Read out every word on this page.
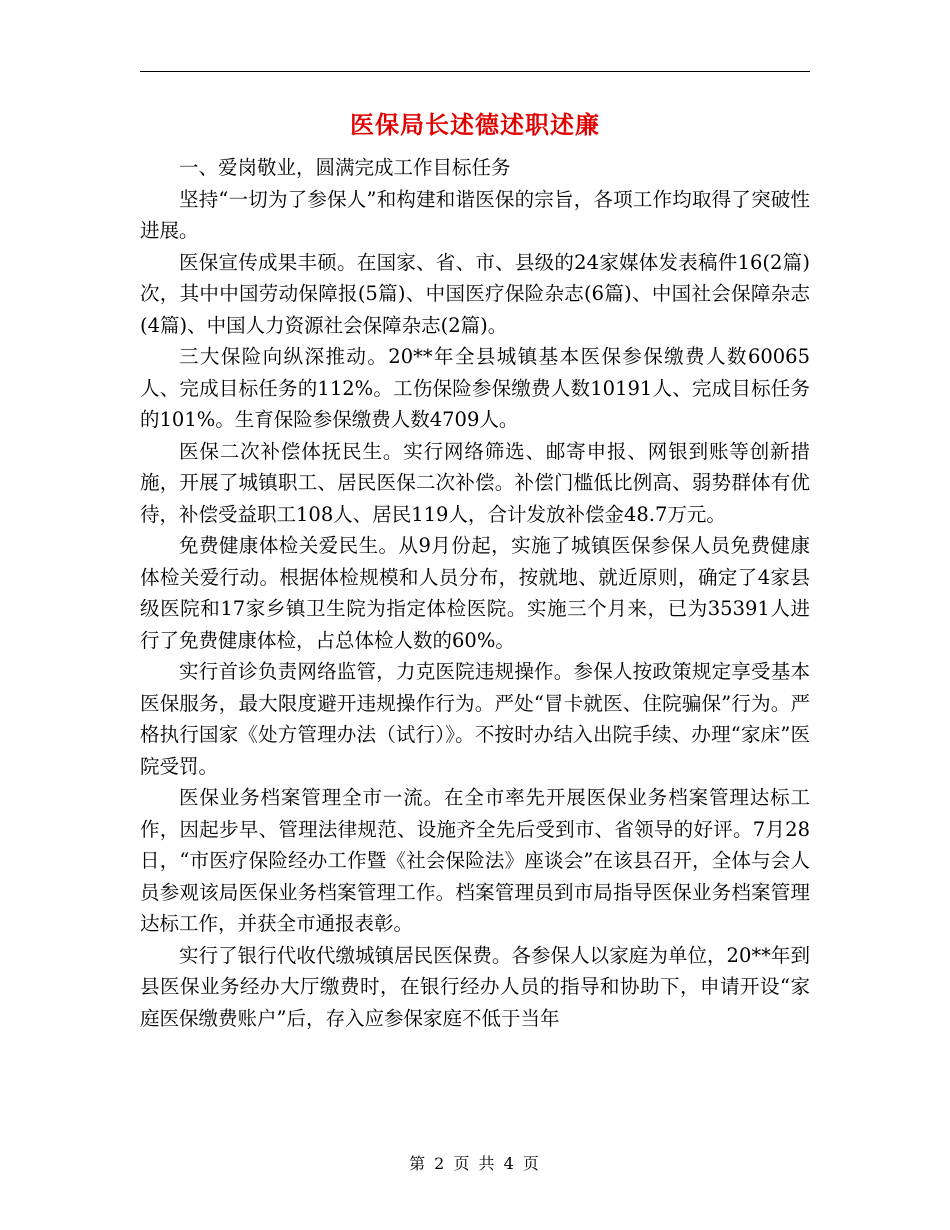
医保局长述德述职述廉

一、爱岗敬业，圆满完成工作目标任务

坚持“一切为了参保人”和构建和谐医保的宗旨，各项工作均取得了突破性进展。

医保宣传成果丰硕。在国家、省、市、县级的24家媒体发表稿件16(2篇)次，其中中国劳动保障报(5篇)、中国医疗保险杂志(6篇)、中国社会保障杂志(4篇)、中国人力资源社会保障杂志(2篇)。

三大保险向纵深推动。20**年全县城镇基本医保参保缴费人数60065人、完成目标任务的112%。工伤保险参保缴费人数10191人、完成目标任务的101%。生育保险参保缴费人数4709人。

医保二次补偿体抚民生。实行网络筛选、邮寄申报、网银到账等创新措施，开展了城镇职工、居民医保二次补偿。补偿门槛低比例高、弱势群体有优待，补偿受益职工108人、居民119人，合计发放补偿金48.7万元。

免费健康体检关爱民生。从9月份起，实施了城镇医保参保人员免费健康体检关爱行动。根据体检规模和人员分布，按就地、就近原则，确定了4家县级医院和17家乡镇卫生院为指定体检医院。实施三个月来，已为35391人进行了免费健康体检，占总体检人数的60%。

实行首诊负责网络监管，力克医院违规操作。参保人按政策规定享受基本医保服务，最大限度避开违规操作行为。严处“冒卡就医、住院骗保”行为。严格执行国家《处方管理办法（试行）》。不按时办结入出院手续、办理“家床”医院受罚。

医保业务档案管理全市一流。在全市率先开展医保业务档案管理达标工作，因起步早、管理法律规范、设施齐全先后受到市、省领导的好评。7月28日，“市医疗保险经办工作暨《社会保险法》座谈会”在该县召开，全体与会人员参观该局医保业务档案管理工作。档案管理员到市局指导医保业务档案管理达标工作，并获全市通报表彰。

实行了银行代收代缴城镇居民医保费。各参保人以家庭为单位，20**年到县医保业务经办大厅缴费时，在银行经办人员的指导和协助下，申请开设“家庭医保缴费账户”后，存入应参保家庭不低于当年

第 2 页 共 4 页
